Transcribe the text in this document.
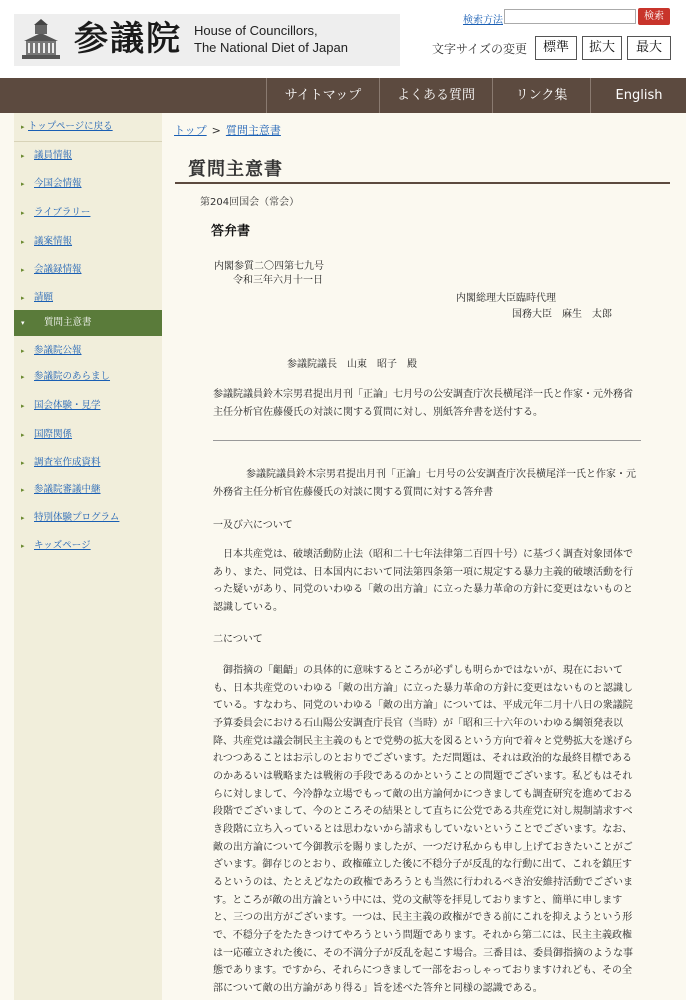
参議院 House of Councillors,
The National Diet of Japan
検索方法	検索
文字サイズの変更	標準	拡大	最大
サイトマップ	よくある質問	リンク集	English
▸ トップページに戻る
▸ 議員情報
▸ 今国会情報
▸ ライブラリー
▸ 議案情報
▸ 会議録情報
▸ 請願
▾ 質問主意書
▸ 参議院公報
▸ 参議院のあらまし
▸ 国会体験・見学
▸ 国際関係
▸ 調査室作成資料
▸ 参議院審議中継
▸ 特別体験プログラム
▸ キッズページ
トップ > 質問主意書
質問主意書
第204回国会（常会）
答弁書
内閣参質二〇四第七九号
令和三年六月十一日
内閣総理大臣臨時代理
国務大臣　麻生　太郎
参議院議長　山東　昭子　殿
参議院議員鈴木宗男君提出月刊「正論」七月号の公安調査庁次長横尾洋一氏と作家・元外務省主任分析官佐藤優氏の対談に関する質問に対し、別紙答弁書を送付する。
参議院議員鈴木宗男君提出月刊「正論」七月号の公安調査庁次長横尾洋一氏と作家・元外務省主任分析官佐藤優氏の対談に関する質問に対する答弁書
一及び六について
日本共産党は、破壊活動防止法（昭和二十七年法律第二百四十号）に基づく調査対象団体であり、また、同党は、日本国内において同法第四条第一項に規定する暴力主義的破壊活動を行った疑いがあり、同党のいわゆる「敵の出方論」に立った暴力革命の方針に変更はないものと認識している。
二について
御指摘の「齟齬」の具体的に意味するところが必ずしも明らかではないが、現在においても、日本共産党のいわゆる「敵の出方論」に立った暴力革命の方針に変更はないものと認識している。すなわち、同党のいわゆる「敵の出方論」については、平成元年二月十八日の衆議院予算委員会における石山陽公安調査庁長官（当時）が「昭和三十六年のいわゆる綱領発表以降、共産党は議会制民主主義のもとで党勢の拡大を図るという方向で着々と党勢拡大を遂げられつつあることはお示しのとおりでございます。ただ問題は、それは政治的な最終目標であるのかあるいは戦略または戦術の手段であるのかということの問題でございます。私どもはそれらに対しまして、今冷静な立場でもって敵の出方論何かにつきましても調査研究を進めておる段階でございまして、今のところその結果として直ちに公党である共産党に対し規制請求すべき段階に立ち入っているとは思わないから請求もしていないということでございます。なお、敵の出方論について今御教示を賜りましたが、一つだけ私からも申し上げておきたいことがございます。御存じのとおり、政権確立した後に不穏分子が反乱的な行動に出て、これを鎮圧するというのは、たとえどなたの政権であろうとも当然に行われるべき治安維持活動でございます。ところが敵の出方論という中には、党の文献等を拝見しておりますと、簡単に申しますと、三つの出方がございます。一つは、民主主義の政権ができる前にこれを抑えようという形で、不穏分子をたたきつけてやろうという問題であります。それから第二には、民主主義政権は一応確立された後に、その不満分子が反乱を起こす場合。三番目は、委員御指摘のような事態であります。ですから、それらにつきまして一部をおっしゃっておりますけれども、その全部について敵の出方論があり得る」旨を述べた答弁と同様の認識である。
